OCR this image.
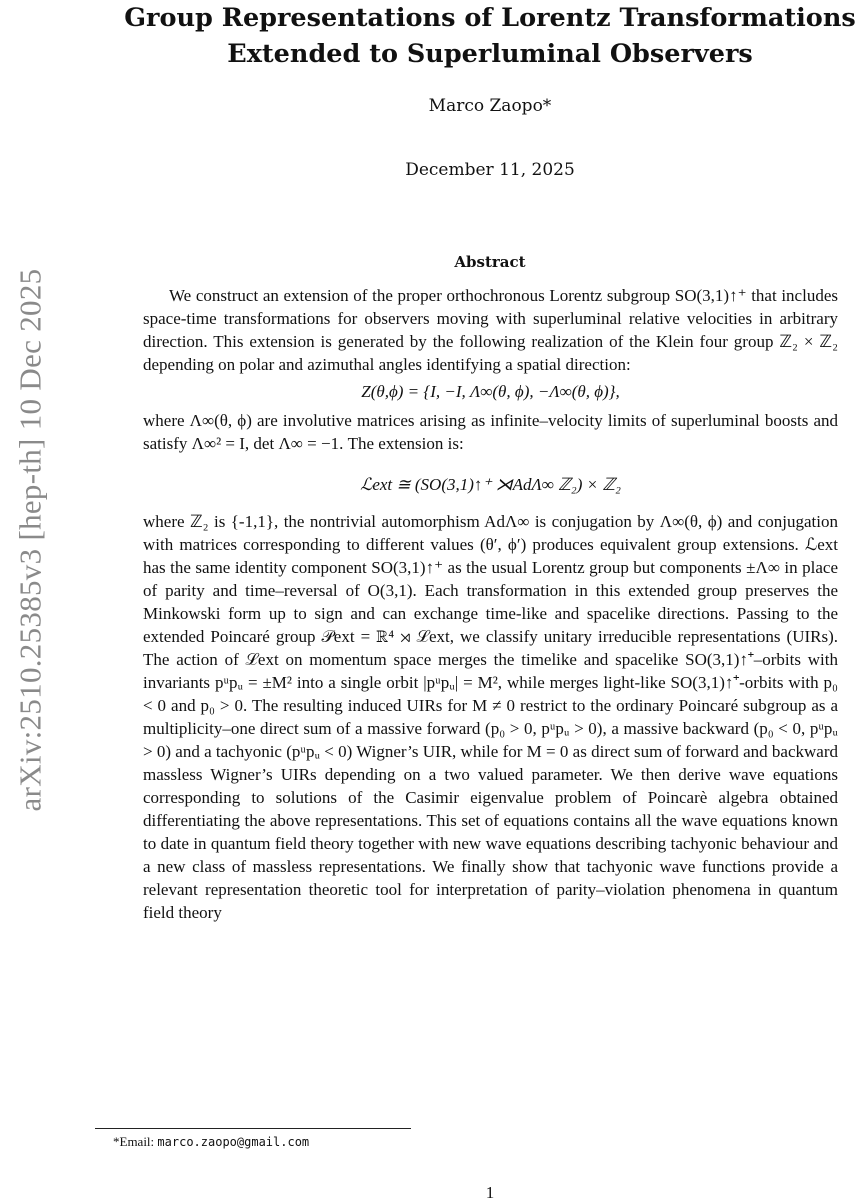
arXiv:2510.25385v3 [hep-th] 10 Dec 2025
Group Representations of Lorentz Transformations
Extended to Superluminal Observers
Marco Zaopo*
December 11, 2025
Abstract

We construct an extension of the proper orthochronous Lorentz subgroup SO(3,1)↑⁺ that includes space-time transformations for observers moving with superluminal relative velocities in arbitrary direction. This extension is generated by the following realization of the Klein four group ℤ₂ × ℤ₂ depending on polar and azimuthal angles identifying a spatial direction:

Z(θ,ϕ) = {I, −I, Λ∞(θ, ϕ), −Λ∞(θ, ϕ)},

where Λ∞(θ, ϕ) are involutive matrices arising as infinite–velocity limits of superluminal boosts and satisfy Λ∞² = I, det Λ∞ = −1. The extension is:

ℒext ≅ (SO(3,1)↑⁺ ⋊AdΛ∞ ℤ₂) × ℤ₂

where ℤ₂ is {-1,1}, the nontrivial automorphism AdΛ∞ is conjugation by Λ∞(θ, ϕ) and conjugation with matrices corresponding to different values (θ′, ϕ′) produces equivalent group extensions. ℒext has the same identity component SO(3,1)↑⁺ as the usual Lorentz group but components ±Λ∞ in place of parity and time–reversal of O(3,1). Each transformation in this extended group preserves the Minkowski form up to sign and can exchange time-like and spacelike directions. Passing to the extended Poincaré group 𝒫ext = ℝ⁴ ⋊ ℒext, we classify unitary irreducible representations (UIRs). The action of ℒext on momentum space merges the timelike and spacelike SO(3,1)↑⁺–orbits with invariants pᵘpᵤ = ±M² into a single orbit |pᵘpᵤ| = M², while merges light-like SO(3,1)↑⁺-orbits with p₀ < 0 and p₀ > 0. The resulting induced UIRs for M ≠ 0 restrict to the ordinary Poincaré subgroup as a multiplicity–one direct sum of a massive forward (p₀ > 0, pᵘpᵤ > 0), a massive backward (p₀ < 0, pᵘpᵤ > 0) and a tachyonic (pᵘpᵤ < 0) Wigner’s UIR, while for M = 0 as direct sum of forward and backward massless Wigner’s UIRs depending on a two valued parameter. We then derive wave equations corresponding to solutions of the Casimir eigenvalue problem of Poincarè algebra obtained differentiating the above representations. This set of equations contains all the wave equations known to date in quantum field theory together with new wave equations describing tachyonic behaviour and a new class of massless representations. We finally show that tachyonic wave functions provide a relevant representation theoretic tool for interpretation of parity–violation phenomena in quantum field theory

*Email: marco.zaopo@gmail.com
1
